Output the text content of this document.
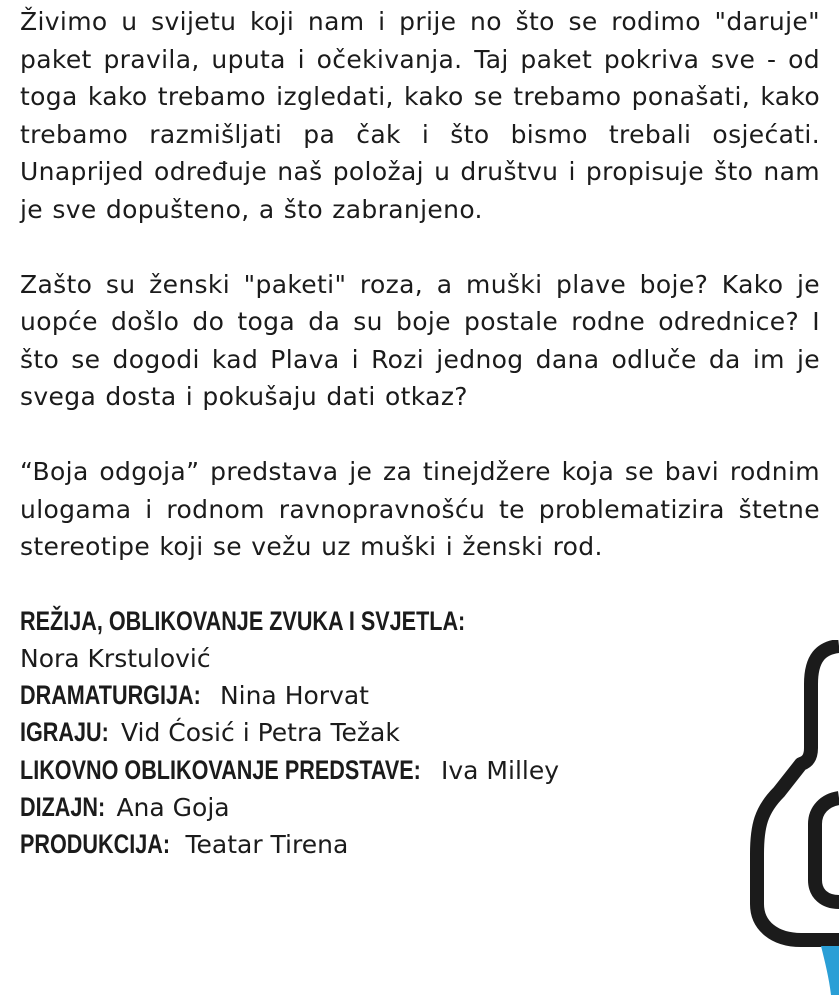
Živimo u svijetu koji nam i prije no što se rodimo "daruje" paket pravila, uputa i očekivanja. Taj paket pokriva sve - od toga kako trebamo izgledati, kako se trebamo ponašati, kako trebamo razmišljati pa čak i što bismo trebali osjećati. Unaprijed određuje naš položaj u društvu i propisuje što nam je sve dopušteno, a što zabranjeno.

Zašto su ženski "paketi" roza, a muški plave boje? Kako je uopće došlo do toga da su boje postale rodne odrednice? I što se dogodi kad Plava i Rozi jednog dana odluče da im je svega dosta i pokušaju dati otkaz?

“Boja odgoja” predstava je za tinejdžere koja se bavi rodnim ulogama i rodnom ravnopravnošću te problematizira štetne stereotipe koji se vežu uz muški i ženski rod.

REŽIJA, OBLIKOVANJE ZVUKA I SVJETLA:
Nora Krstulović
DRAMATURGIJA: Nina Horvat
IGRAJU: Vid Ćosić i Petra Težak
LIKOVNO OBLIKOVANJE PREDSTAVE: Iva Milley
DIZAJN: Ana Goja
PRODUKCIJA: Teatar Tirena
